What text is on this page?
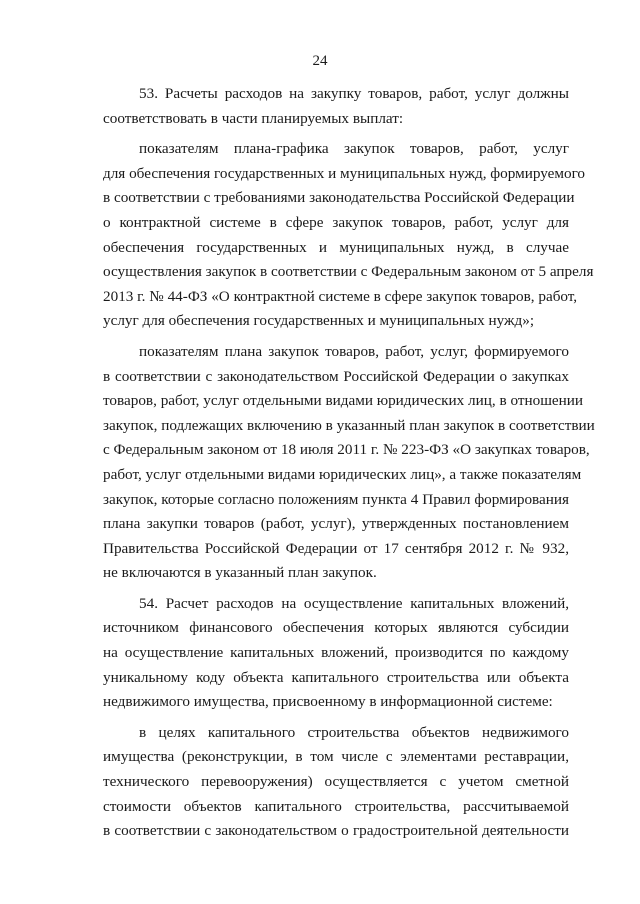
24
53. Расчеты расходов на закупку товаров, работ, услуг должны
соответствовать в части планируемых выплат:
показателям плана-графика закупок товаров, работ, услуг
для обеспечения государственных и муниципальных нужд, формируемого
в соответствии с требованиями законодательства Российской Федерации
о контрактной системе в сфере закупок товаров, работ, услуг для
обеспечения государственных и муниципальных нужд, в случае
осуществления закупок в соответствии с Федеральным законом от 5 апреля
2013 г. № 44-ФЗ «О контрактной системе в сфере закупок товаров, работ,
услуг для обеспечения государственных и муниципальных нужд»;
показателям плана закупок товаров, работ, услуг, формируемого
в соответствии с законодательством Российской Федерации о закупках
товаров, работ, услуг отдельными видами юридических лиц, в отношении
закупок, подлежащих включению в указанный план закупок в соответствии
с Федеральным законом от 18 июля 2011 г. № 223-ФЗ «О закупках товаров,
работ, услуг отдельными видами юридических лиц», а также показателям
закупок, которые согласно положениям пункта 4 Правил формирования
плана закупки товаров (работ, услуг), утвержденных постановлением
Правительства Российской Федерации от 17 сентября 2012 г. № 932,
не включаются в указанный план закупок.
54. Расчет расходов на осуществление капитальных вложений,
источником финансового обеспечения которых являются субсидии
на осуществление капитальных вложений, производится по каждому
уникальному коду объекта капитального строительства или объекта
недвижимого имущества, присвоенному в информационной системе:
в целях капитального строительства объектов недвижимого
имущества (реконструкции, в том числе с элементами реставрации,
технического перевооружения) осуществляется с учетом сметной
стоимости объектов капитального строительства, рассчитываемой
в соответствии с законодательством о градостроительной деятельности
